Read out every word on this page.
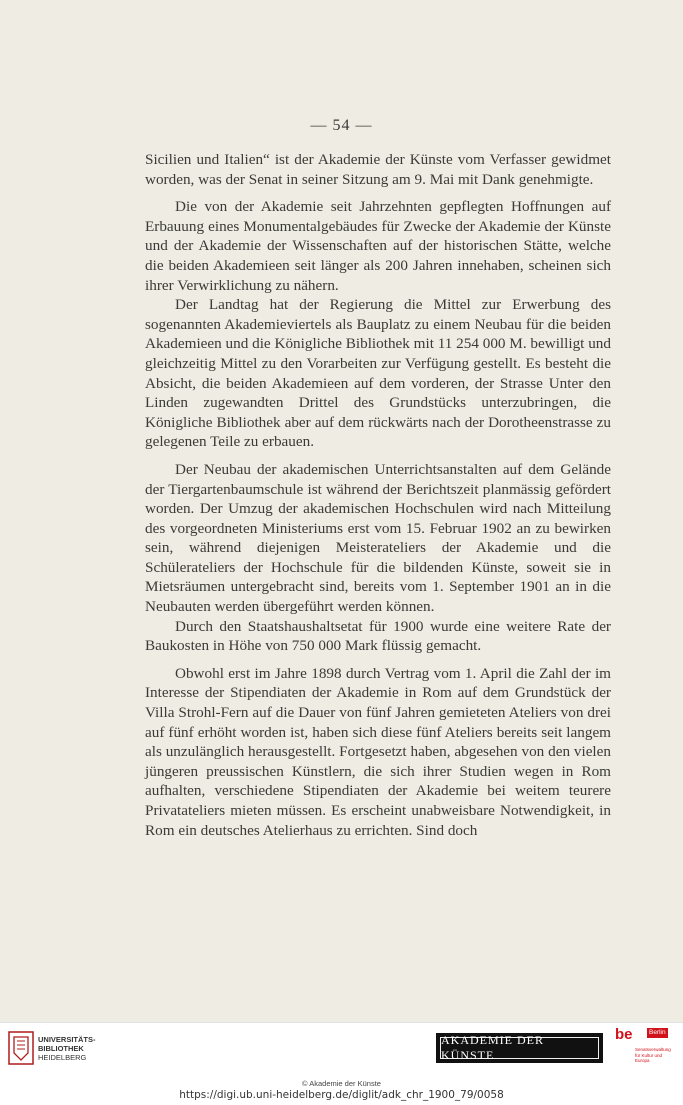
— 54 —

Sicilien und Italien“ ist der Akademie der Künste vom Verfasser gewidmet worden, was der Senat in seiner Sitzung am 9. Mai mit Dank genehmigte.

Die von der Akademie seit Jahrzehnten gepflegten Hoffnungen auf Erbauung eines Monumentalgebäudes für Zwecke der Akademie der Künste und der Akademie der Wissenschaften auf der historischen Stätte, welche die beiden Akademieen seit länger als 200 Jahren innehaben, scheinen sich ihrer Verwirklichung zu nähern.

Der Landtag hat der Regierung die Mittel zur Erwerbung des sogenannten Akademieviertels als Bauplatz zu einem Neubau für die beiden Akademieen und die Königliche Bibliothek mit 11 254 000 M. bewilligt und gleichzeitig Mittel zu den Vorarbeiten zur Verfügung gestellt. Es besteht die Absicht, die beiden Akademieen auf dem vorderen, der Strasse Unter den Linden zugewandten Drittel des Grundstücks unterzubringen, die Königliche Bibliothek aber auf dem rückwärts nach der Dorotheenstrasse zu gelegenen Teile zu erbauen.

Der Neubau der akademischen Unterrichtsanstalten auf dem Gelände der Tiergartenbaumschule ist während der Berichtszeit planmässig gefördert worden. Der Umzug der akademischen Hochschulen wird nach Mitteilung des vorgeordneten Ministeriums erst vom 15. Februar 1902 an zu bewirken sein, während diejenigen Meisterateliers der Akademie und die Schülerateliers der Hochschule für die bildenden Künste, soweit sie in Mietsräumen untergebracht sind, bereits vom 1. September 1901 an in die Neubauten werden übergeführt werden können.

Durch den Staatshaushaltsetat für 1900 wurde eine weitere Rate der Baukosten in Höhe von 750 000 Mark flüssig gemacht.

Obwohl erst im Jahre 1898 durch Vertrag vom 1. April die Zahl der im Interesse der Stipendiaten der Akademie in Rom auf dem Grundstück der Villa Strohl-Fern auf die Dauer von fünf Jahren gemieteten Ateliers von drei auf fünf erhöht worden ist, haben sich diese fünf Ateliers bereits seit langem als unzulänglich herausgestellt. Fortgesetzt haben, abgesehen von den vielen jüngeren preussischen Künstlern, die sich ihrer Studien wegen in Rom aufhalten, verschiedene Stipendiaten der Akademie bei weitem teurere Privatateliers mieten müssen. Es erscheint unabweisbare Notwendigkeit, in Rom ein deutsches Atelierhaus zu errichten. Sind doch

UNIVERSITÄTS-
BIBLIOTHEK
HEIDELBERG
AKADEMIE DER KÜNSTE
be	Berlin
Senatsverwaltung für Kultur und Europa
© Akademie der Künste
https://digi.ub.uni-heidelberg.de/diglit/adk_chr_1900_79/0058
